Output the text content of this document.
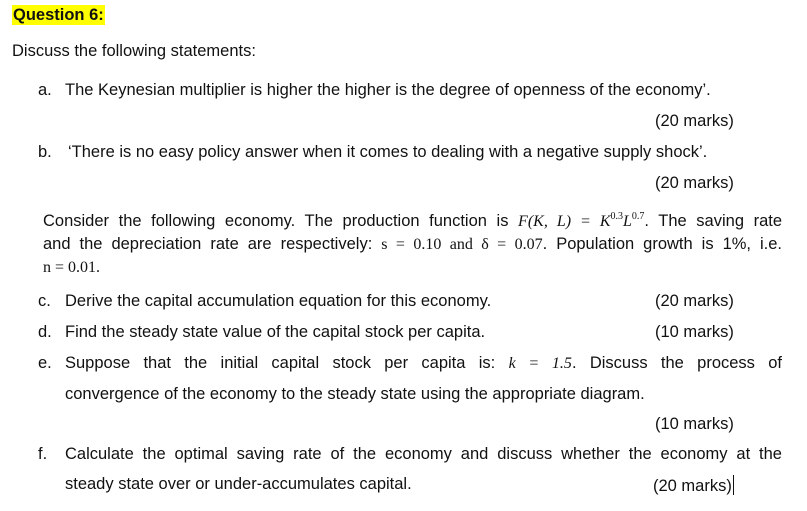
Question 6:
Discuss the following statements:
a. The Keynesian multiplier is higher the higher is the degree of openness of the economy’.
(20 marks)
b. ‘There is no easy policy answer when it comes to dealing with a negative supply shock’.
(20 marks)
Consider the following economy. The production function is F(K, $L) = K^{0.3}L^{0.7}$. The saving rate
and the depreciation rate are respectively: s = 0.10 and δ = 0.07. Population growth is 1%, i.e.
n = 0.01.
c. Derive the capital accumulation equation for this economy.	(20 marks)
d. Find the steady state value of the capital stock per capita.	(10 marks)
e. Suppose that the initial capital stock per capita is: k = 1.5. Discuss the process of
convergence of the economy to the steady state using the appropriate diagram.
(10 marks)
f. Calculate the optimal saving rate of the economy and discuss whether the economy at the
steady state over or under-accumulates capital.	(20 marks)
